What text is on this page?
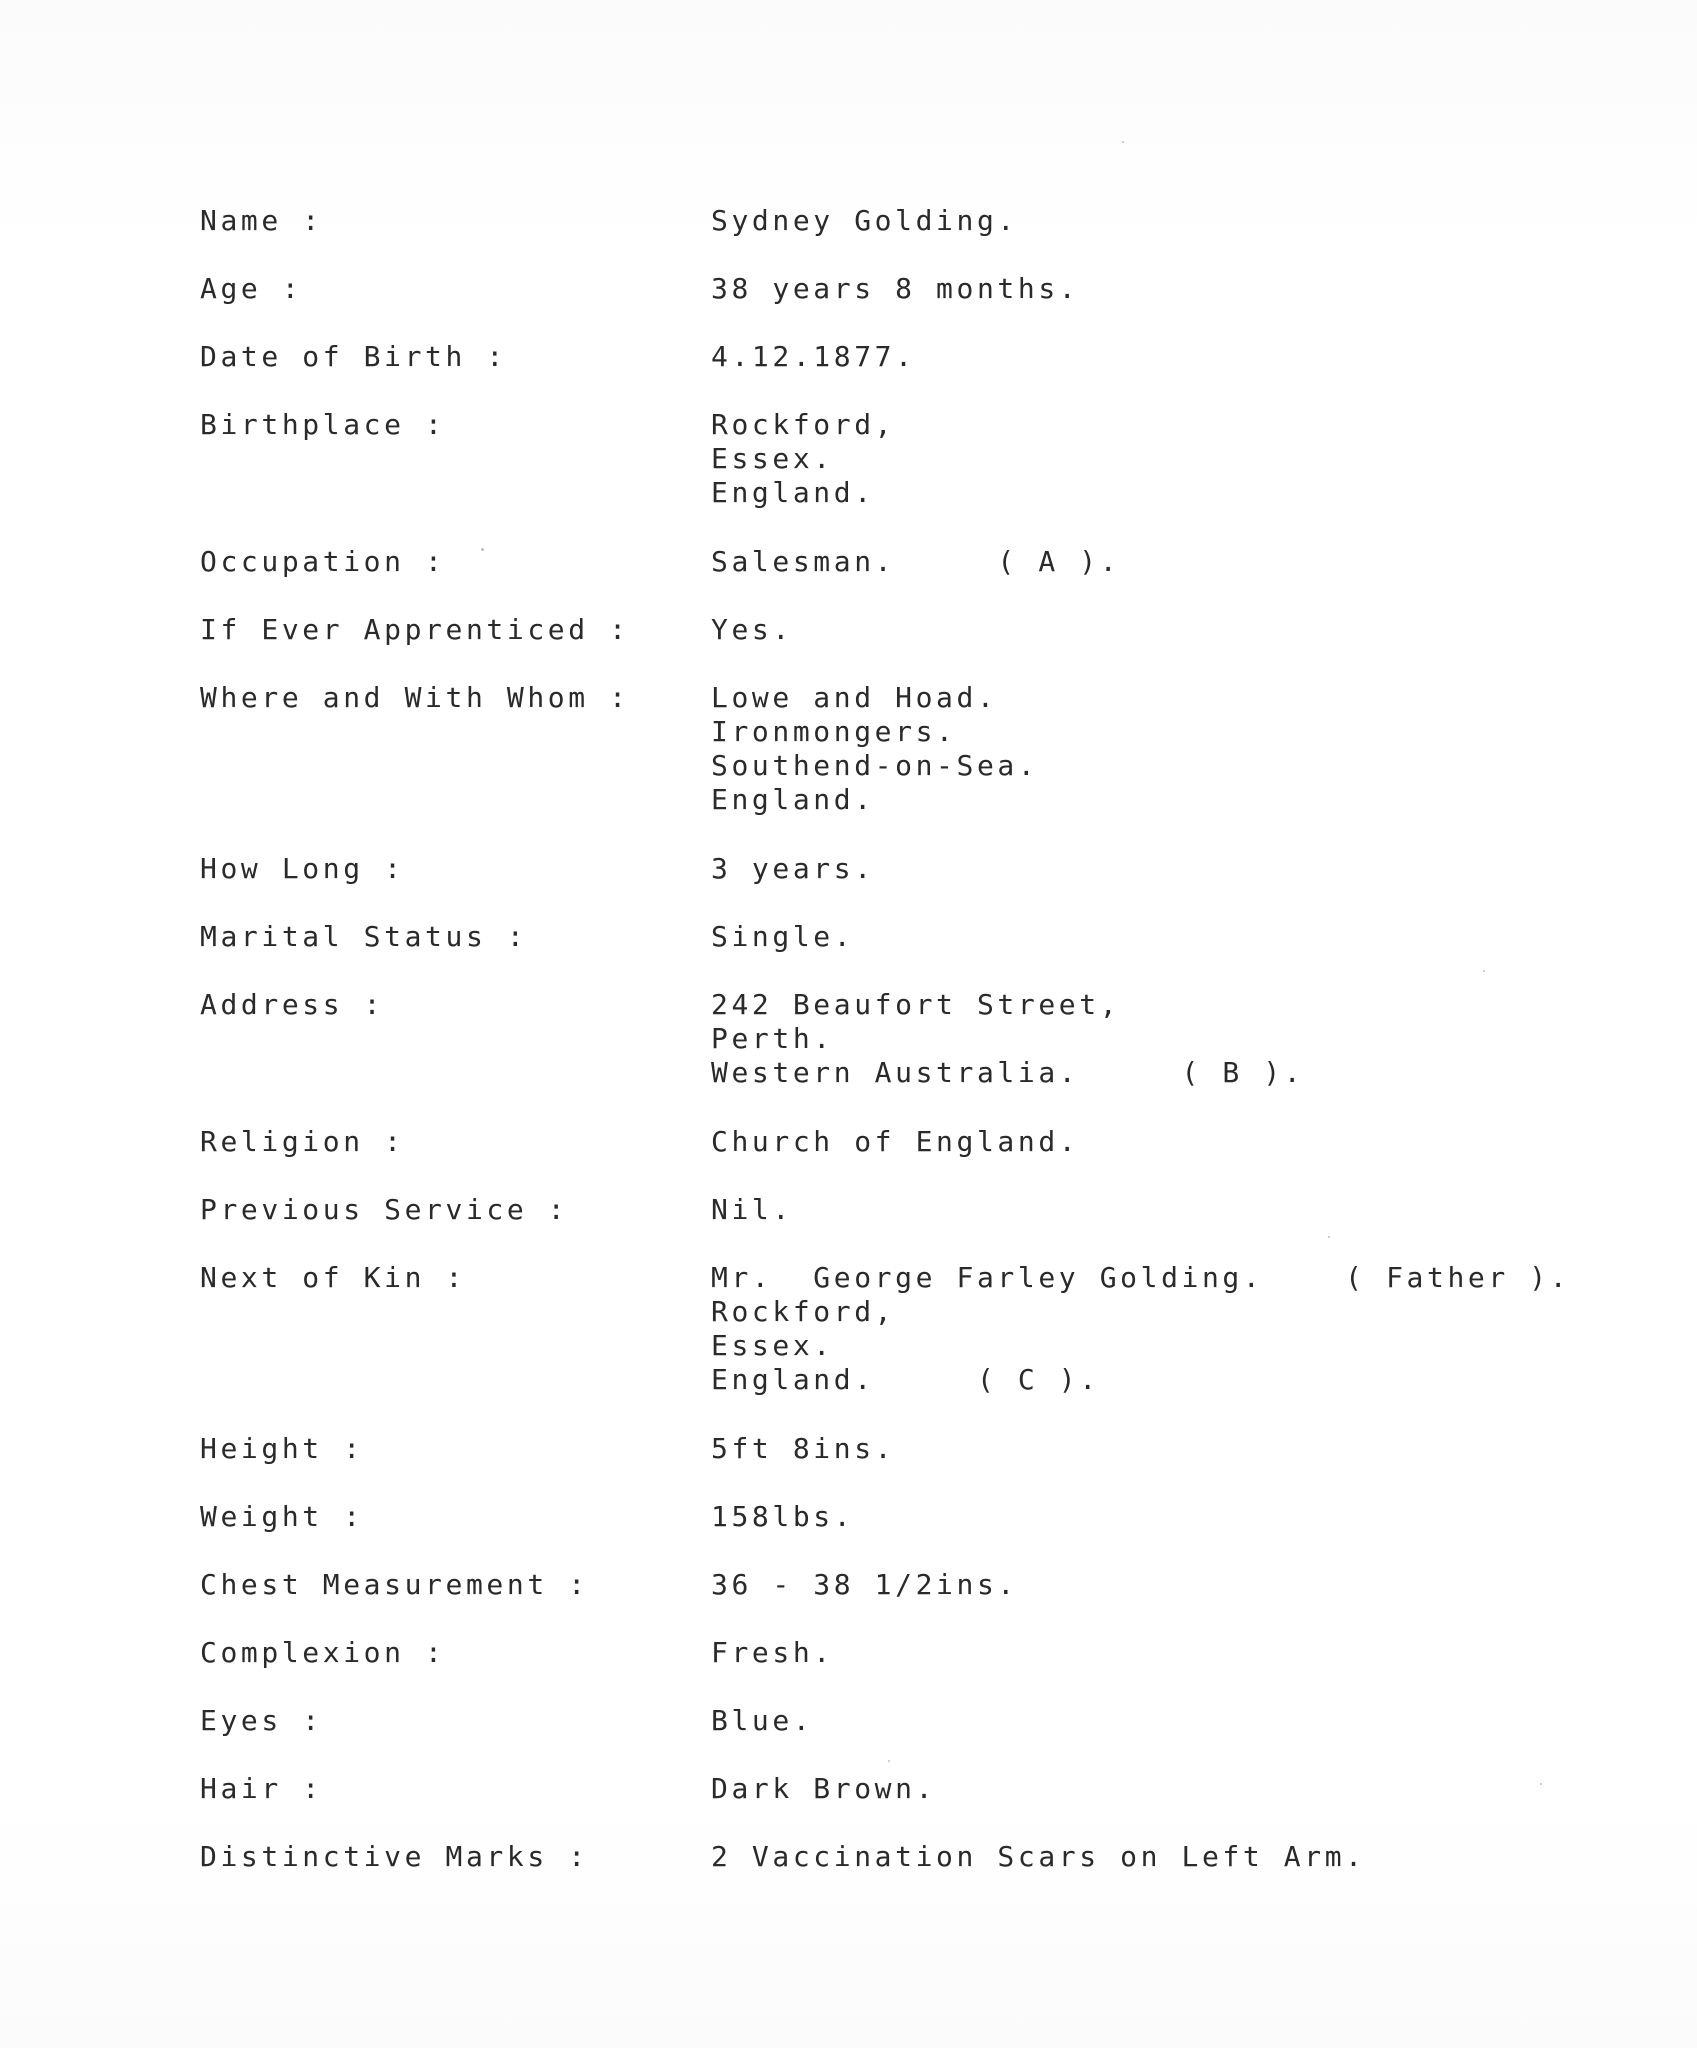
Name :	Sydney Golding.
Age :	38 years 8 months.
Date of Birth :	4.12.1877.
Birthplace :	Rockford,
Essex.
England.
Occupation :	Salesman.     ( A ).
If Ever Apprenticed :	Yes.
Where and With Whom :	Lowe and Hoad.
Ironmongers.
Southend-on-Sea.
England.
How Long :	3 years.
Marital Status :	Single.
Address :	242 Beaufort Street,
Perth.
Western Australia.     ( B ).
Religion :	Church of England.
Previous Service :	Nil.
Next of Kin :	Mr.  George Farley Golding.    ( Father ).
Rockford,
Essex.
England.     ( C ).
Height :	5ft 8ins.
Weight :	158lbs.
Chest Measurement :	36 - 38 1/2ins.
Complexion :	Fresh.
Eyes :	Blue.
Hair :	Dark Brown.
Distinctive Marks :	2 Vaccination Scars on Left Arm.
